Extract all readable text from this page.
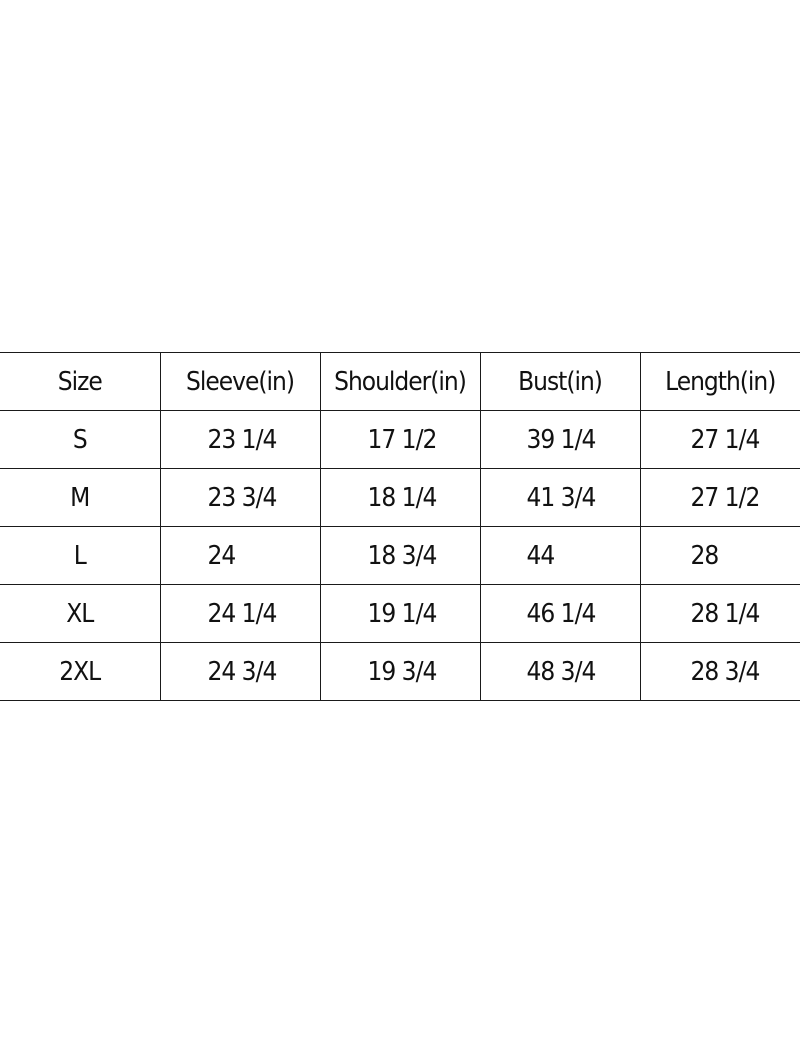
Size	Sleeve(in)	Shoulder(in)	Bust(in)	Length(in)
S	23 1/4	17 1/2	39 1/4	27 1/4
M	23 3/4	18 1/4	41 3/4	27 1/2
L	24	18 3/4	44	28
XL	24 1/4	19 1/4	46 1/4	28 1/4
2XL	24 3/4	19 3/4	48 3/4	28 3/4
